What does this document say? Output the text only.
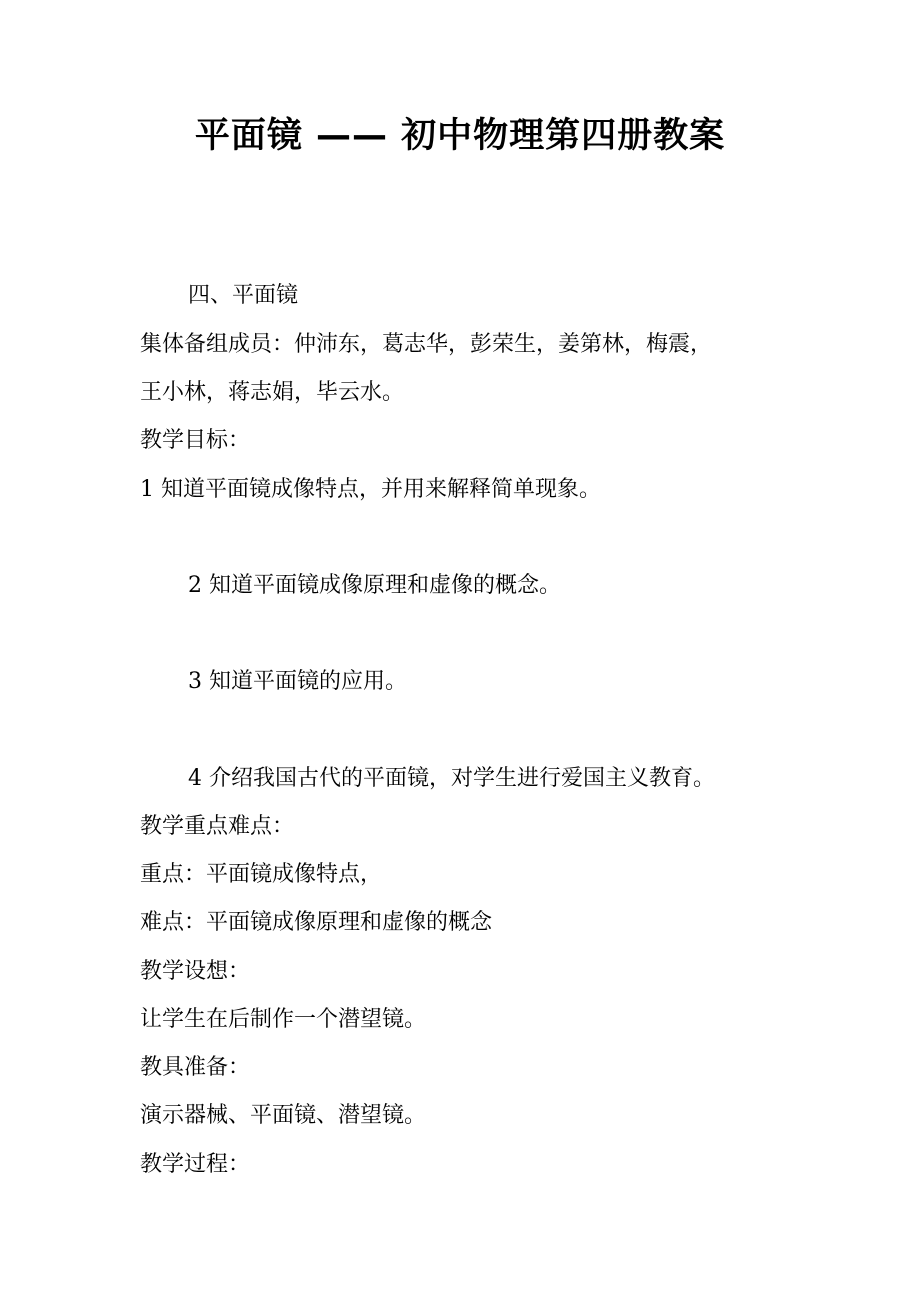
平面镜 —— 初中物理第四册教案
四、平面镜
集体备组成员：仲沛东，葛志华，彭荣生，姜第林，梅震，
王小林，蒋志娟，毕云水。
教学目标：
1 知道平面镜成像特点，并用来解释简单现象。
2 知道平面镜成像原理和虚像的概念。
3 知道平面镜的应用。
4 介绍我国古代的平面镜，对学生进行爱国主义教育。
教学重点难点：
重点：平面镜成像特点，
难点：平面镜成像原理和虚像的概念
教学设想：
让学生在后制作一个潜望镜。
教具准备：
演示器械、平面镜、潜望镜。
教学过程：
